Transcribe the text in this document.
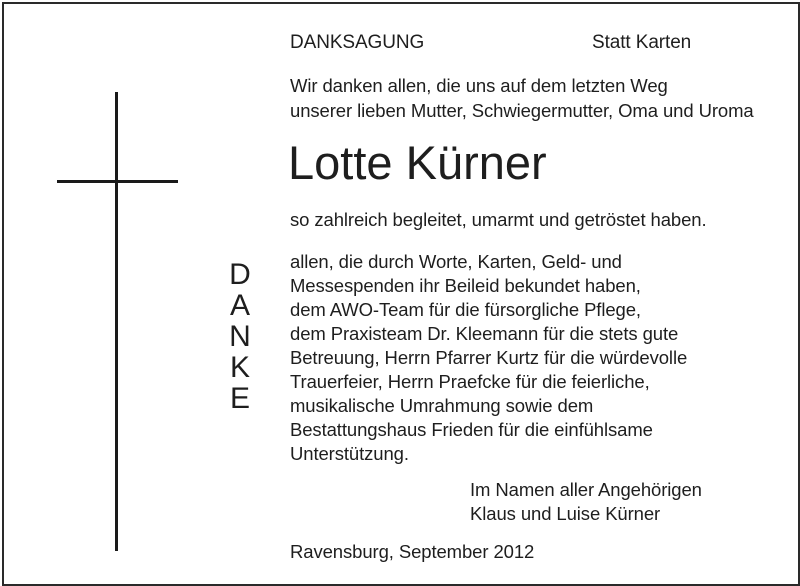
DANKSAGUNG	Statt Karten
Wir danken allen, die uns auf dem letzten Weg
unserer lieben Mutter, Schwiegermutter, Oma und Uroma
Lotte Kürner
so zahlreich begleitet, umarmt und getröstet haben.
D
A
N
K
E
allen, die durch Worte, Karten, Geld- und
Messespenden ihr Beileid bekundet haben,
dem AWO-Team für die fürsorgliche Pflege,
dem Praxisteam Dr. Kleemann für die stets gute
Betreuung, Herrn Pfarrer Kurtz für die würdevolle
Trauerfeier, Herrn Praefcke für die feierliche,
musikalische Umrahmung sowie dem
Bestattungshaus Frieden für die einfühlsame
Unterstützung.
Im Namen aller Angehörigen
Klaus und Luise Kürner
Ravensburg, September 2012
